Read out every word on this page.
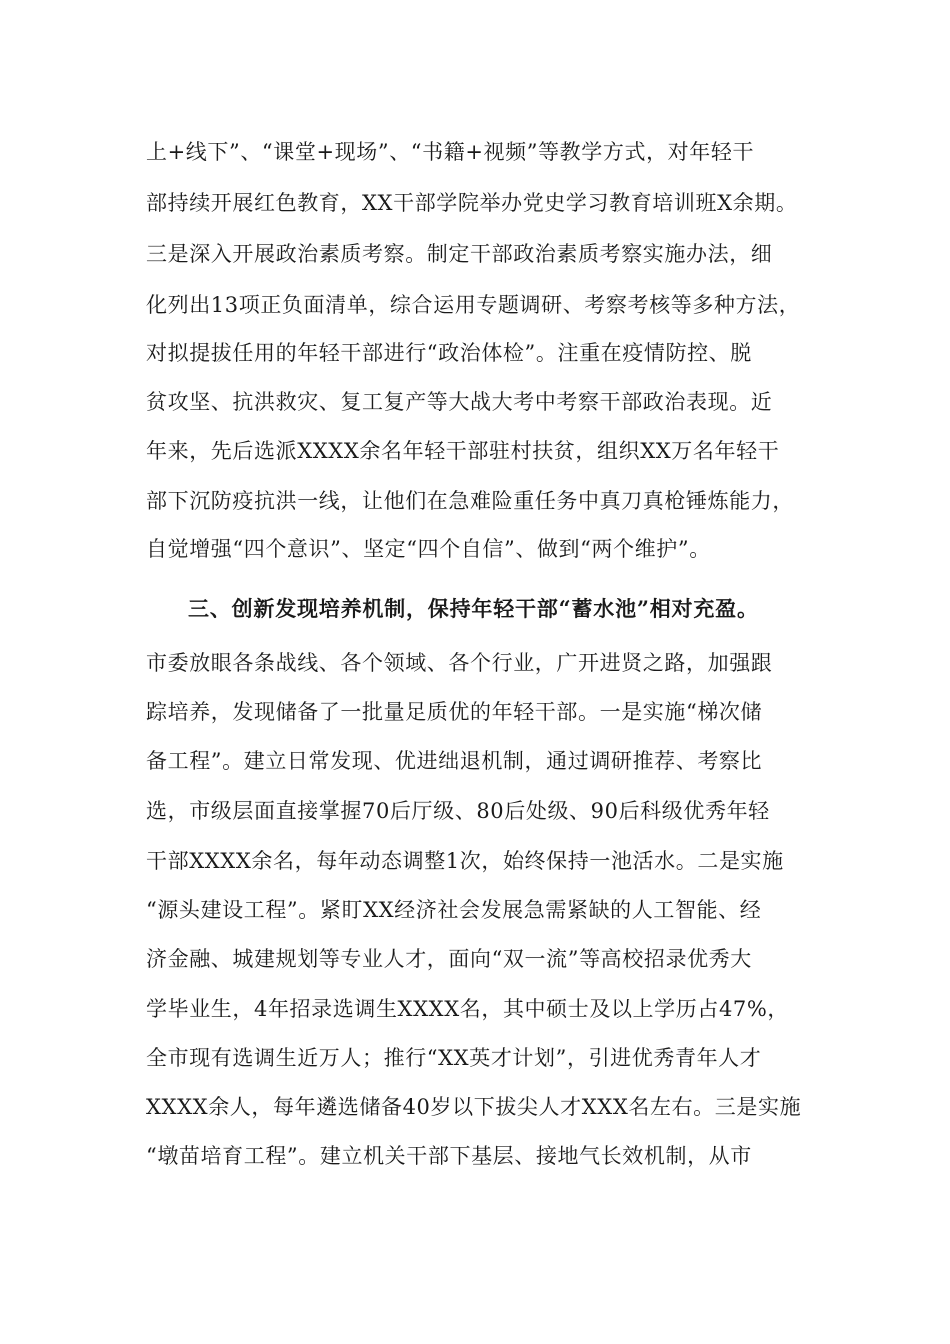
上+线下”、“课堂+现场”、“书籍+视频”等教学方式，对年轻干
部持续开展红色教育，XX干部学院举办党史学习教育培训班X余期。
三是深入开展政治素质考察。制定干部政治素质考察实施办法，细
化列出13项正负面清单，综合运用专题调研、考察考核等多种方法，
对拟提拔任用的年轻干部进行“政治体检”。注重在疫情防控、脱
贫攻坚、抗洪救灾、复工复产等大战大考中考察干部政治表现。近
年来，先后选派XXXX余名年轻干部驻村扶贫，组织XX万名年轻干
部下沉防疫抗洪一线，让他们在急难险重任务中真刀真枪锤炼能力，
自觉增强“四个意识”、坚定“四个自信”、做到“两个维护”。
三、创新发现培养机制，保持年轻干部“蓄水池”相对充盈。
市委放眼各条战线、各个领域、各个行业，广开进贤之路，加强跟
踪培养，发现储备了一批量足质优的年轻干部。一是实施“梯次储
备工程”。建立日常发现、优进绌退机制，通过调研推荐、考察比
选，市级层面直接掌握70后厅级、80后处级、90后科级优秀年轻
干部XXXX余名，每年动态调整1次，始终保持一池活水。二是实施
“源头建设工程”。紧盯XX经济社会发展急需紧缺的人工智能、经
济金融、城建规划等专业人才，面向“双一流”等高校招录优秀大
学毕业生，4年招录选调生XXXX名，其中硕士及以上学历占47%，
全市现有选调生近万人；推行“XX英才计划”，引进优秀青年人才
XXXX余人，每年遴选储备40岁以下拔尖人才XXX名左右。三是实施
“墩苗培育工程”。建立机关干部下基层、接地气长效机制，从市
